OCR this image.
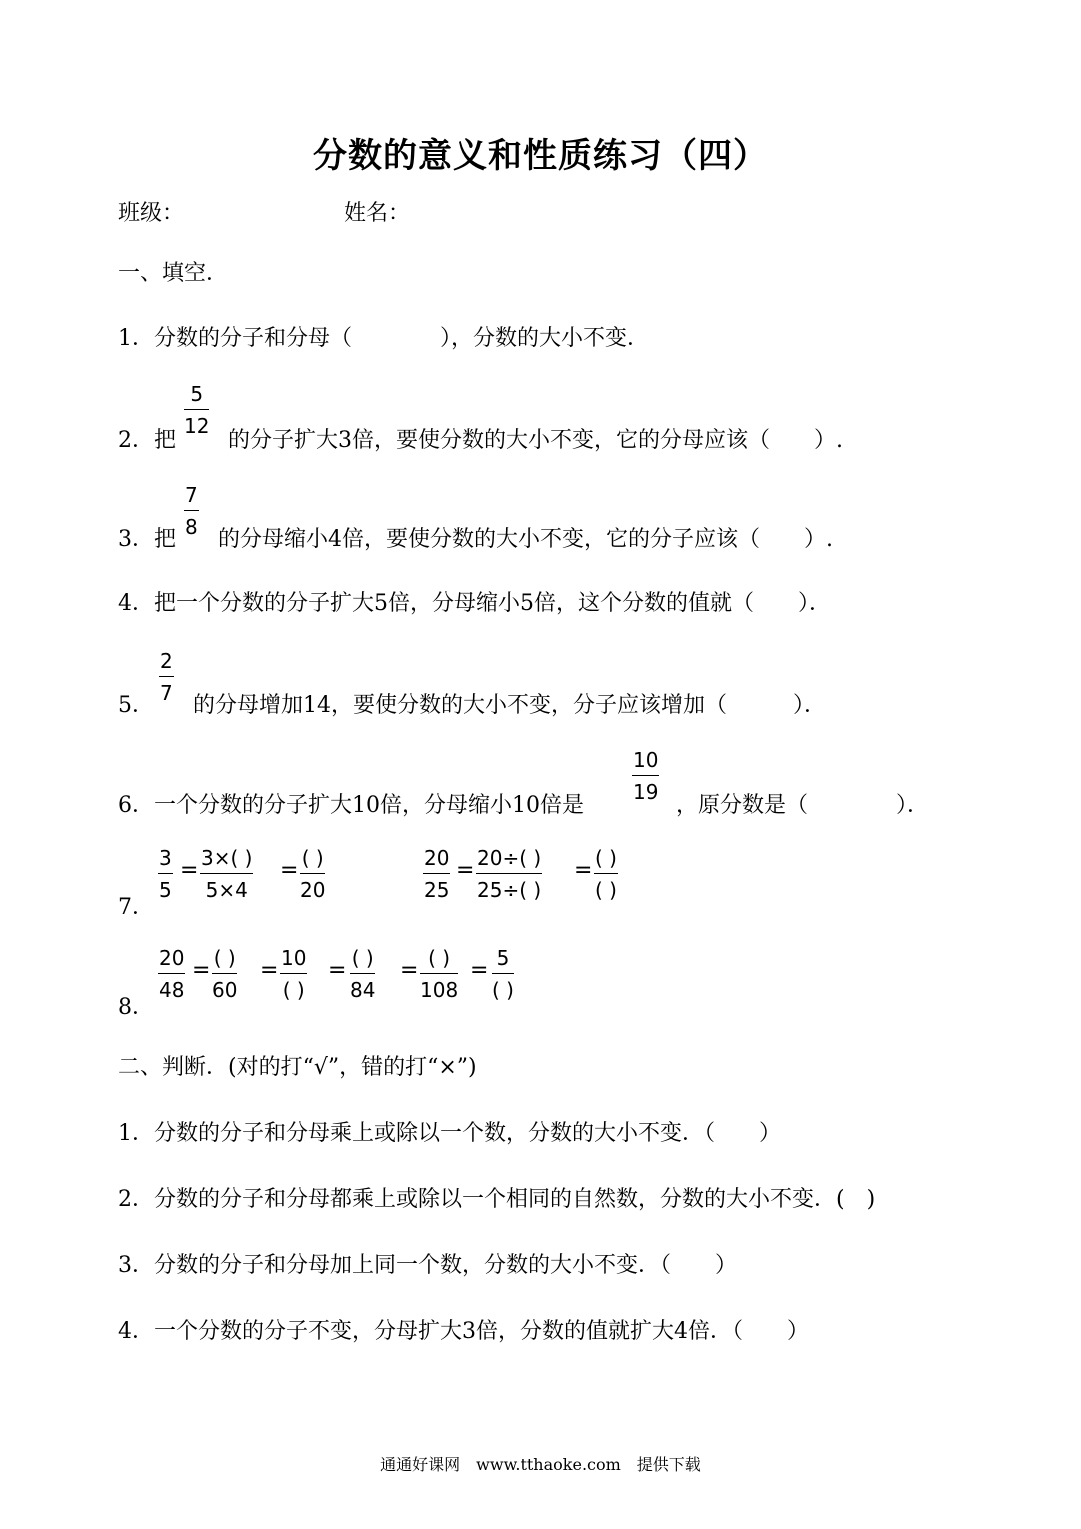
分数的意义和性质练习（四）
班级：	姓名：
一、填空．
1．分数的分子和分母（　　　　），分数的大小不变．
2．把
$\frac{5}{12}$
的分子扩大3倍，要使分数的大小不变，它的分母应该（　　）.
3．把
$\frac{7}{8}$
的分母缩小4倍，要使分数的大小不变，它的分子应该（　　）.
4．把一个分数的分子扩大5倍，分母缩小5倍，这个分数的值就（　　）．
5．
$\frac{2}{7}$
的分母增加14，要使分数的大小不变，分子应该增加（　　　）．
6．一个分数的分子扩大10倍，分母缩小10倍是
$\frac{10}{19}$
，原分数是（　　　　）．
7．
$\frac{3}{5} = \frac{3\times( )}{5\times 4}$ = ( )
20	$\frac{20}{25} = \frac{20\div( )}{25\div( )}$ = ( )
( )
8．
$\frac{20}{48}$ = ( )
60
= 10
( )
= ( )
84
= ( )
108
= 5
( )
二、判断．(对的打“√”，错的打“×”)
1．分数的分子和分母乘上或除以一个数，分数的大小不变．（　　）
2．分数的分子和分母都乘上或除以一个相同的自然数，分数的大小不变．(　)
3．分数的分子和分母加上同一个数，分数的大小不变．（　　）
4．一个分数的分子不变，分母扩大3倍，分数的值就扩大4倍．（　　）
通通好课网　www.tthaoke.com　提供下载
